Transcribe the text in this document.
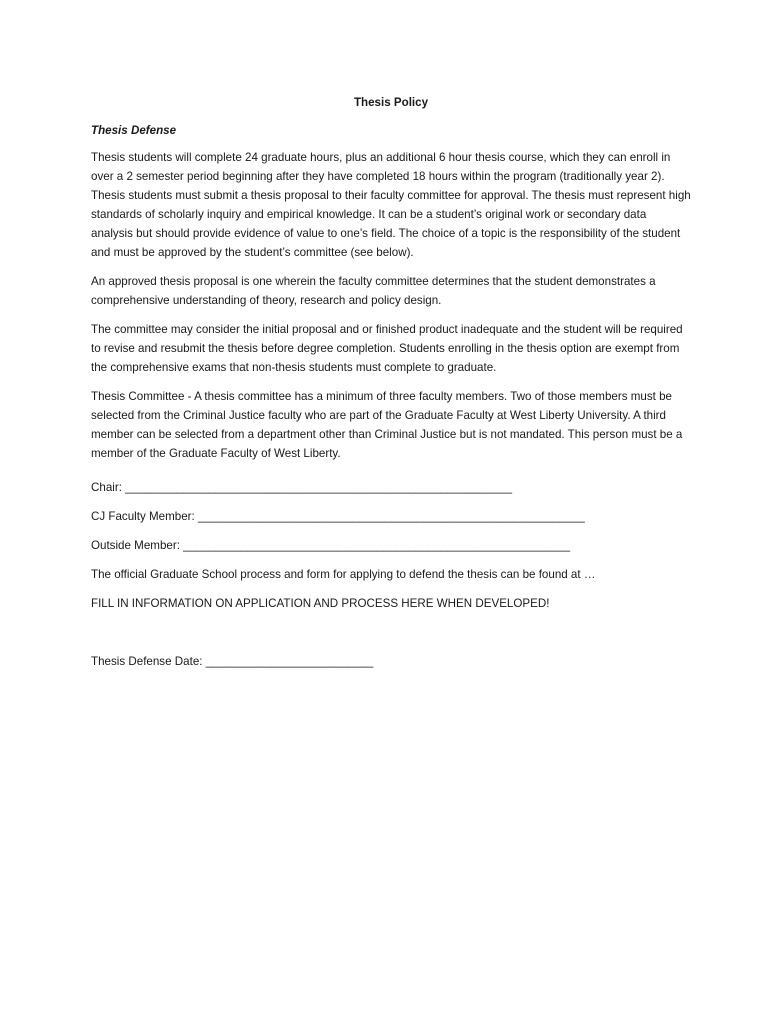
Thesis Policy
Thesis Defense

Thesis students will complete 24 graduate hours, plus an additional 6 hour thesis course, which they can enroll in over a 2 semester period beginning after they have completed 18 hours within the program (traditionally year 2). Thesis students must submit a thesis proposal to their faculty committee for approval. The thesis must represent high standards of scholarly inquiry and empirical knowledge. It can be a student’s original work or secondary data analysis but should provide evidence of value to one’s field. The choice of a topic is the responsibility of the student and must be approved by the student’s committee (see below).

An approved thesis proposal is one wherein the faculty committee determines that the student demonstrates a comprehensive understanding of theory, research and policy design.

The committee may consider the initial proposal and or finished product inadequate and the student will be required to revise and resubmit the thesis before degree completion. Students enrolling in the thesis option are exempt from the comprehensive exams that non-thesis students must complete to graduate.

Thesis Committee - A thesis committee has a minimum of three faculty members. Two of those members must be selected from the Criminal Justice faculty who are part of the Graduate Faculty at West Liberty University. A third member can be selected from a department other than Criminal Justice but is not mandated. This person must be a member of the Graduate Faculty of West Liberty.

Chair: ____________________________________________________________
CJ Faculty Member: ____________________________________________________________
Outside Member: ____________________________________________________________
The official Graduate School process and form for applying to defend the thesis can be found at …
FILL IN INFORMATION ON APPLICATION AND PROCESS HERE WHEN DEVELOPED!
Thesis Defense Date: __________________________
